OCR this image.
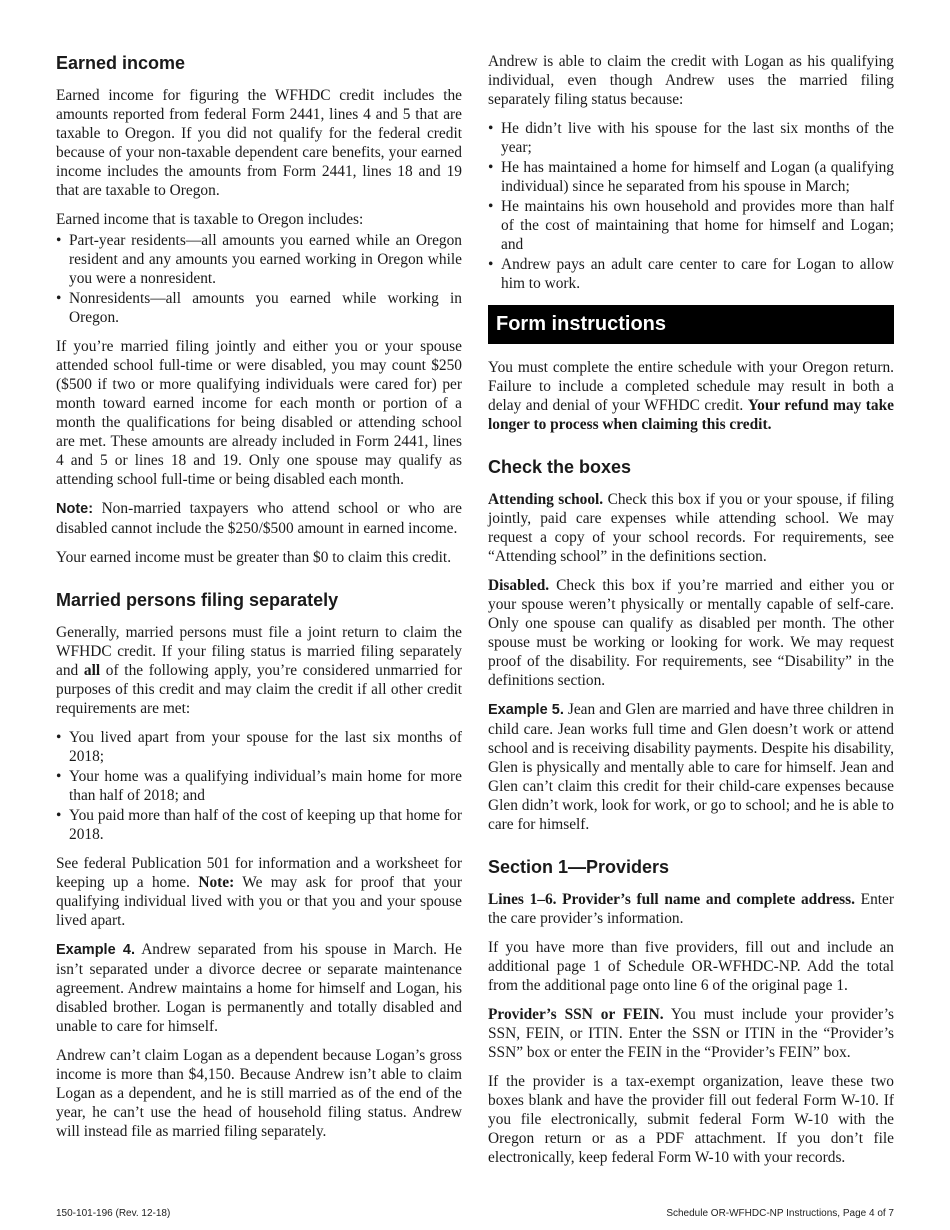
Earned income

Earned income for figuring the WFHDC credit includes the amounts reported from federal Form 2441, lines 4 and 5 that are taxable to Oregon. If you did not qualify for the federal credit because of your non-taxable dependent care benefits, your earned income includes the amounts from Form 2441, lines 18 and 19 that are taxable to Oregon.

Earned income that is taxable to Oregon includes:

• Part-year residents—all amounts you earned while an Oregon resident and any amounts you earned working in Oregon while you were a nonresident.
• Nonresidents—all amounts you earned while working in Oregon.

If you’re married filing jointly and either you or your spouse attended school full-time or were disabled, you may count $250 ($500 if two or more qualifying individuals were cared for) per month toward earned income for each month or portion of a month the qualifications for being disabled or attending school are met. These amounts are already included in Form 2441, lines 4 and 5 or lines 18 and 19. Only one spouse may qualify as attending school full-time or being disabled each month.

Note: Non-married taxpayers who attend school or who are disabled cannot include the $250/$500 amount in earned income.

Your earned income must be greater than $0 to claim this credit.

Married persons filing separately

Generally, married persons must file a joint return to claim the WFHDC credit. If your filing status is married filing separately and all of the following apply, you’re considered unmarried for purposes of this credit and may claim the credit if all other credit requirements are met:

• You lived apart from your spouse for the last six months of 2018;
• Your home was a qualifying individual’s main home for more than half of 2018; and
• You paid more than half of the cost of keeping up that home for 2018.

See federal Publication 501 for information and a worksheet for keeping up a home. Note: We may ask for proof that your qualifying individual lived with you or that you and your spouse lived apart.

Example 4. Andrew separated from his spouse in March. He isn’t separated under a divorce decree or separate maintenance agreement. Andrew maintains a home for himself and Logan, his disabled brother. Logan is permanently and totally disabled and unable to care for himself.

Andrew can’t claim Logan as a dependent because Logan’s gross income is more than $4,150. Because Andrew isn’t able to claim Logan as a dependent, and he is still married as of the end of the year, he can’t use the head of household filing status. Andrew will instead file as married filing separately.

Andrew is able to claim the credit with Logan as his qualifying individual, even though Andrew uses the married filing separately filing status because:

• He didn’t live with his spouse for the last six months of the year;
• He has maintained a home for himself and Logan (a qualifying individual) since he separated from his spouse in March;
• He maintains his own household and provides more than half of the cost of maintaining that home for himself and Logan; and
• Andrew pays an adult care center to care for Logan to allow him to work.
Form instructions

You must complete the entire schedule with your Oregon return. Failure to include a completed schedule may result in both a delay and denial of your WFHDC credit. Your refund may take longer to process when claiming this credit.

Check the boxes

Attending school. Check this box if you or your spouse, if filing jointly, paid care expenses while attending school. We may request a copy of your school records. For requirements, see “Attending school” in the definitions section.

Disabled. Check this box if you’re married and either you or your spouse weren’t physically or mentally capable of self-care. Only one spouse can qualify as disabled per month. The other spouse must be working or looking for work. We may request proof of the disability. For requirements, see “Disability” in the definitions section.

Example 5. Jean and Glen are married and have three children in child care. Jean works full time and Glen doesn’t work or attend school and is receiving disability payments. Despite his disability, Glen is physically and mentally able to care for himself. Jean and Glen can’t claim this credit for their child-care expenses because Glen didn’t work, look for work, or go to school; and he is able to care for himself.

Section 1—Providers

Lines 1–6. Provider’s full name and complete address. Enter the care provider’s information.

If you have more than five providers, fill out and include an additional page 1 of Schedule OR-WFHDC-NP. Add the total from the additional page onto line 6 of the original page 1.

Provider’s SSN or FEIN. You must include your provider’s SSN, FEIN, or ITIN. Enter the SSN or ITIN in the “Provider’s SSN” box or enter the FEIN in the “Provider’s FEIN” box.

If the provider is a tax-exempt organization, leave these two boxes blank and have the provider fill out federal Form W-10. If you file electronically, submit federal Form W-10 with the Oregon return or as a PDF attachment. If you don’t file electronically, keep federal Form W-10 with your records.

150-101-196 (Rev. 12-18)	Schedule OR-WFHDC-NP Instructions, Page 4 of 7
